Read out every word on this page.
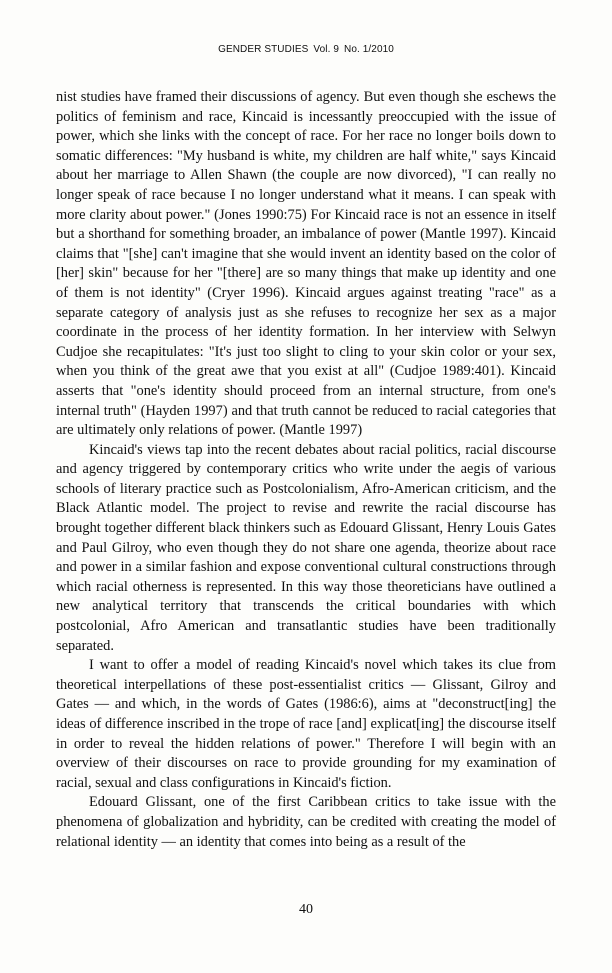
GENDER STUDIES Vol. 9 No. 1/2010

nist studies have framed their discussions of agency. But even though she eschews the politics of feminism and race, Kincaid is incessantly preoccupied with the issue of power, which she links with the concept of race. For her race no longer boils down to somatic differences: "My husband is white, my children are half white," says Kincaid about her marriage to Allen Shawn (the couple are now divorced), "I can really no longer speak of race because I no longer understand what it means. I can speak with more clarity about power." (Jones 1990:75) For Kincaid race is not an essence in itself but a shorthand for something broader, an imbalance of power (Mantle 1997). Kincaid claims that "[she] can't imagine that she would invent an identity based on the color of [her] skin" because for her "[there] are so many things that make up identity and one of them is not identity" (Cryer 1996). Kincaid argues against treating "race" as a separate category of analysis just as she refuses to recognize her sex as a major coordinate in the process of her identity formation. In her interview with Selwyn Cudjoe she recapitulates: "It's just too slight to cling to your skin color or your sex, when you think of the great awe that you exist at all" (Cudjoe 1989:401). Kincaid asserts that "one's identity should proceed from an internal structure, from one's internal truth" (Hayden 1997) and that truth cannot be reduced to racial categories that are ultimately only relations of power. (Mantle 1997)

Kincaid's views tap into the recent debates about racial politics, racial discourse and agency triggered by contemporary critics who write under the aegis of various schools of literary practice such as Postcolonialism, Afro-American criticism, and the Black Atlantic model. The project to revise and rewrite the racial discourse has brought together different black thinkers such as Edouard Glissant, Henry Louis Gates and Paul Gilroy, who even though they do not share one agenda, theorize about race and power in a similar fashion and expose conventional cultural constructions through which racial otherness is represented. In this way those theoreticians have outlined a new analytical territory that transcends the critical boundaries with which postcolonial, Afro American and transatlantic studies have been traditionally separated.

I want to offer a model of reading Kincaid's novel which takes its clue from theoretical interpellations of these post-essentialist critics — Glissant, Gilroy and Gates — and which, in the words of Gates (1986:6), aims at "deconstruct[ing] the ideas of difference inscribed in the trope of race [and] explicat[ing] the discourse itself in order to reveal the hidden relations of power." Therefore I will begin with an overview of their discourses on race to provide grounding for my examination of racial, sexual and class configurations in Kincaid's fiction.

Edouard Glissant, one of the first Caribbean critics to take issue with the phenomena of globalization and hybridity, can be credited with creating the model of relational identity — an identity that comes into being as a result of the

40
